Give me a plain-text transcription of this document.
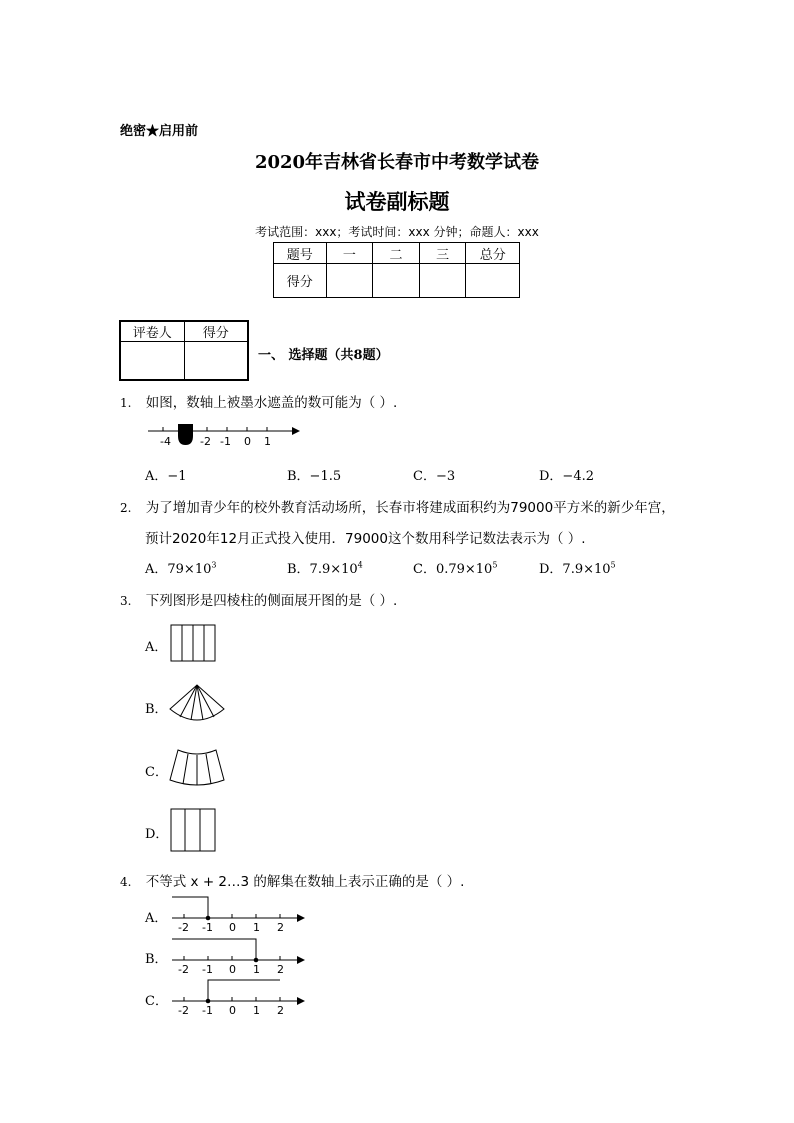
绝密★启用前
2020年吉林省长春市中考数学试卷
试卷副标题
考试范围：xxx；考试时间：xxx 分钟；命题人：xxx
题号	一	二	三	总分
得分				
评卷人	得分

一、 选择题（共8题）
1. 如图，数轴上被墨水遮盖的数可能为（ ）.
-4	-2 -1 0 1
A．−1	B．−1.5	C．−3	D．−4.2
2. 为了增加青少年的校外教育活动场所，长春市将建成面积约为79000平方米的新少年宫，
预计2020年12月正式投入使用．79000这个数用科学记数法表示为（ ）.
A．$79\times 10^3$	B．$7.9\times 10^4$	C．$0.79\times 10^5$	D．$7.9\times 10^5$
3. 下列图形是四棱柱的侧面展开图的是（ ）.
A．
B．
C．
D．
4. 不等式 x + 2…3 的解集在数轴上表示正确的是（ ）.
A．
-2 -1 0 1 2
B．
-2 -1 0 1 2
C．
-2 -1 0 1 2
